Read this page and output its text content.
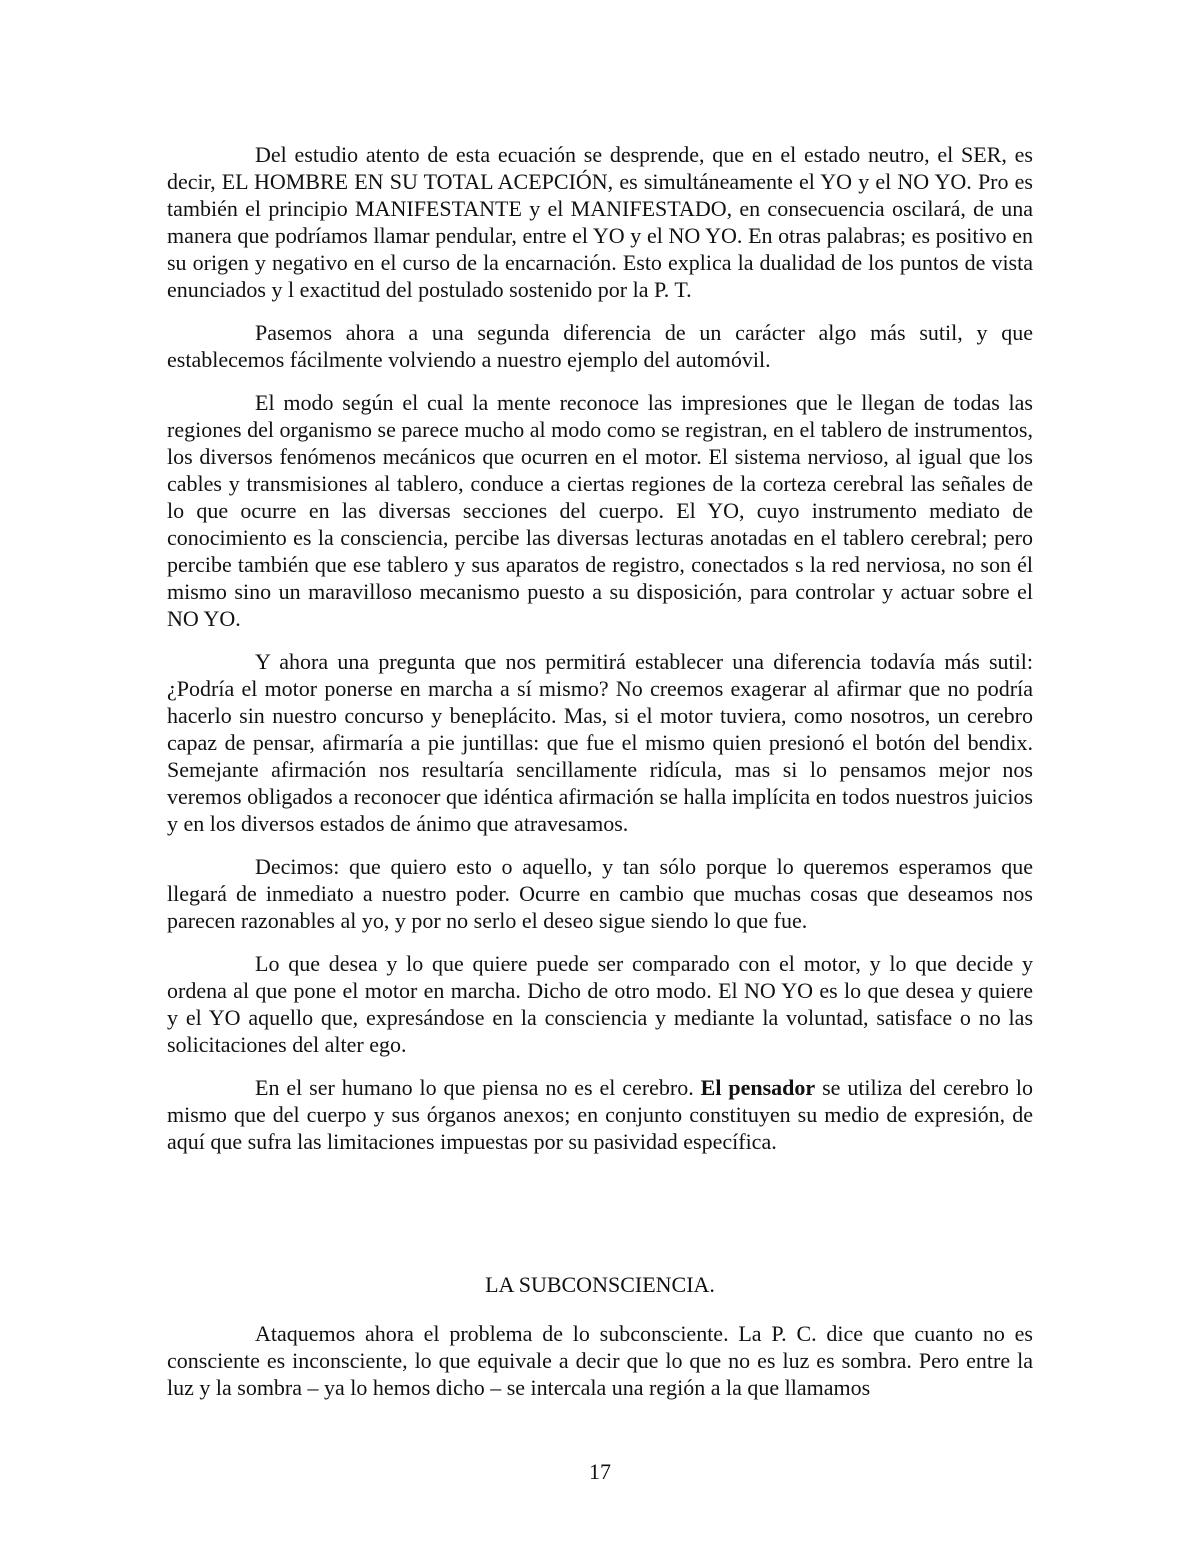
Del estudio atento de esta ecuación se desprende, que en el estado neutro, el SER, es decir, EL HOMBRE EN SU TOTAL ACEPCIÓN, es simultáneamente el YO y el NO YO. Pro es también el principio MANIFESTANTE y el MANIFESTADO, en consecuencia oscilará, de una manera que podríamos llamar pendular, entre el YO y el NO YO. En otras palabras; es positivo en su origen y negativo en el curso de la encarnación. Esto explica la dualidad de los puntos de vista enunciados y l exactitud del postulado sostenido por la P. T.

Pasemos ahora a una segunda diferencia de un carácter algo más sutil, y que establecemos fácilmente volviendo a nuestro ejemplo del automóvil.

El modo según el cual la mente reconoce las impresiones que le llegan de todas las regiones del organismo se parece mucho al modo como se registran, en el tablero de instrumentos, los diversos fenómenos mecánicos que ocurren en el motor. El sistema nervioso, al igual que los cables y transmisiones al tablero, conduce a ciertas regiones de la corteza cerebral las señales de lo que ocurre en las diversas secciones del cuerpo. El YO, cuyo instrumento mediato de conocimiento es la consciencia, percibe las diversas lecturas anotadas en el tablero cerebral; pero percibe también que ese tablero y sus aparatos de registro, conectados s la red nerviosa, no son él mismo sino un maravilloso mecanismo puesto a su disposición, para controlar y actuar sobre el NO YO.

Y ahora una pregunta que nos permitirá establecer una diferencia todavía más sutil: ¿Podría el motor ponerse en marcha a sí mismo? No creemos exagerar al afirmar que no podría hacerlo sin nuestro concurso y beneplácito. Mas, si el motor tuviera, como nosotros, un cerebro capaz de pensar, afirmaría a pie juntillas: que fue el mismo quien presionó el botón del bendix. Semejante afirmación nos resultaría sencillamente ridícula, mas si lo pensamos mejor nos veremos obligados a reconocer que idéntica afirmación se halla implícita en todos nuestros juicios y en los diversos estados de ánimo que atravesamos.

Decimos: que quiero esto o aquello, y tan sólo porque lo queremos esperamos que llegará de inmediato a nuestro poder. Ocurre en cambio que muchas cosas que deseamos nos parecen razonables al yo, y por no serlo el deseo sigue siendo lo que fue.

Lo que desea y lo que quiere puede ser comparado con el motor, y lo que decide y ordena al que pone el motor en marcha. Dicho de otro modo. El NO YO es lo que desea y quiere y el YO aquello que, expresándose en la consciencia y mediante la voluntad, satisface o no las solicitaciones del alter ego.

En el ser humano lo que piensa no es el cerebro. El pensador se utiliza del cerebro lo mismo que del cuerpo y sus órganos anexos; en conjunto constituyen su medio de expresión, de aquí que sufra las limitaciones impuestas por su pasividad específica.

LA SUBCONSCIENCIA.

Ataquemos ahora el problema de lo subconsciente. La P. C. dice que cuanto no es consciente es inconsciente, lo que equivale a decir que lo que no es luz es sombra. Pero entre la luz y la sombra – ya lo hemos dicho – se intercala una región a la que llamamos

17
